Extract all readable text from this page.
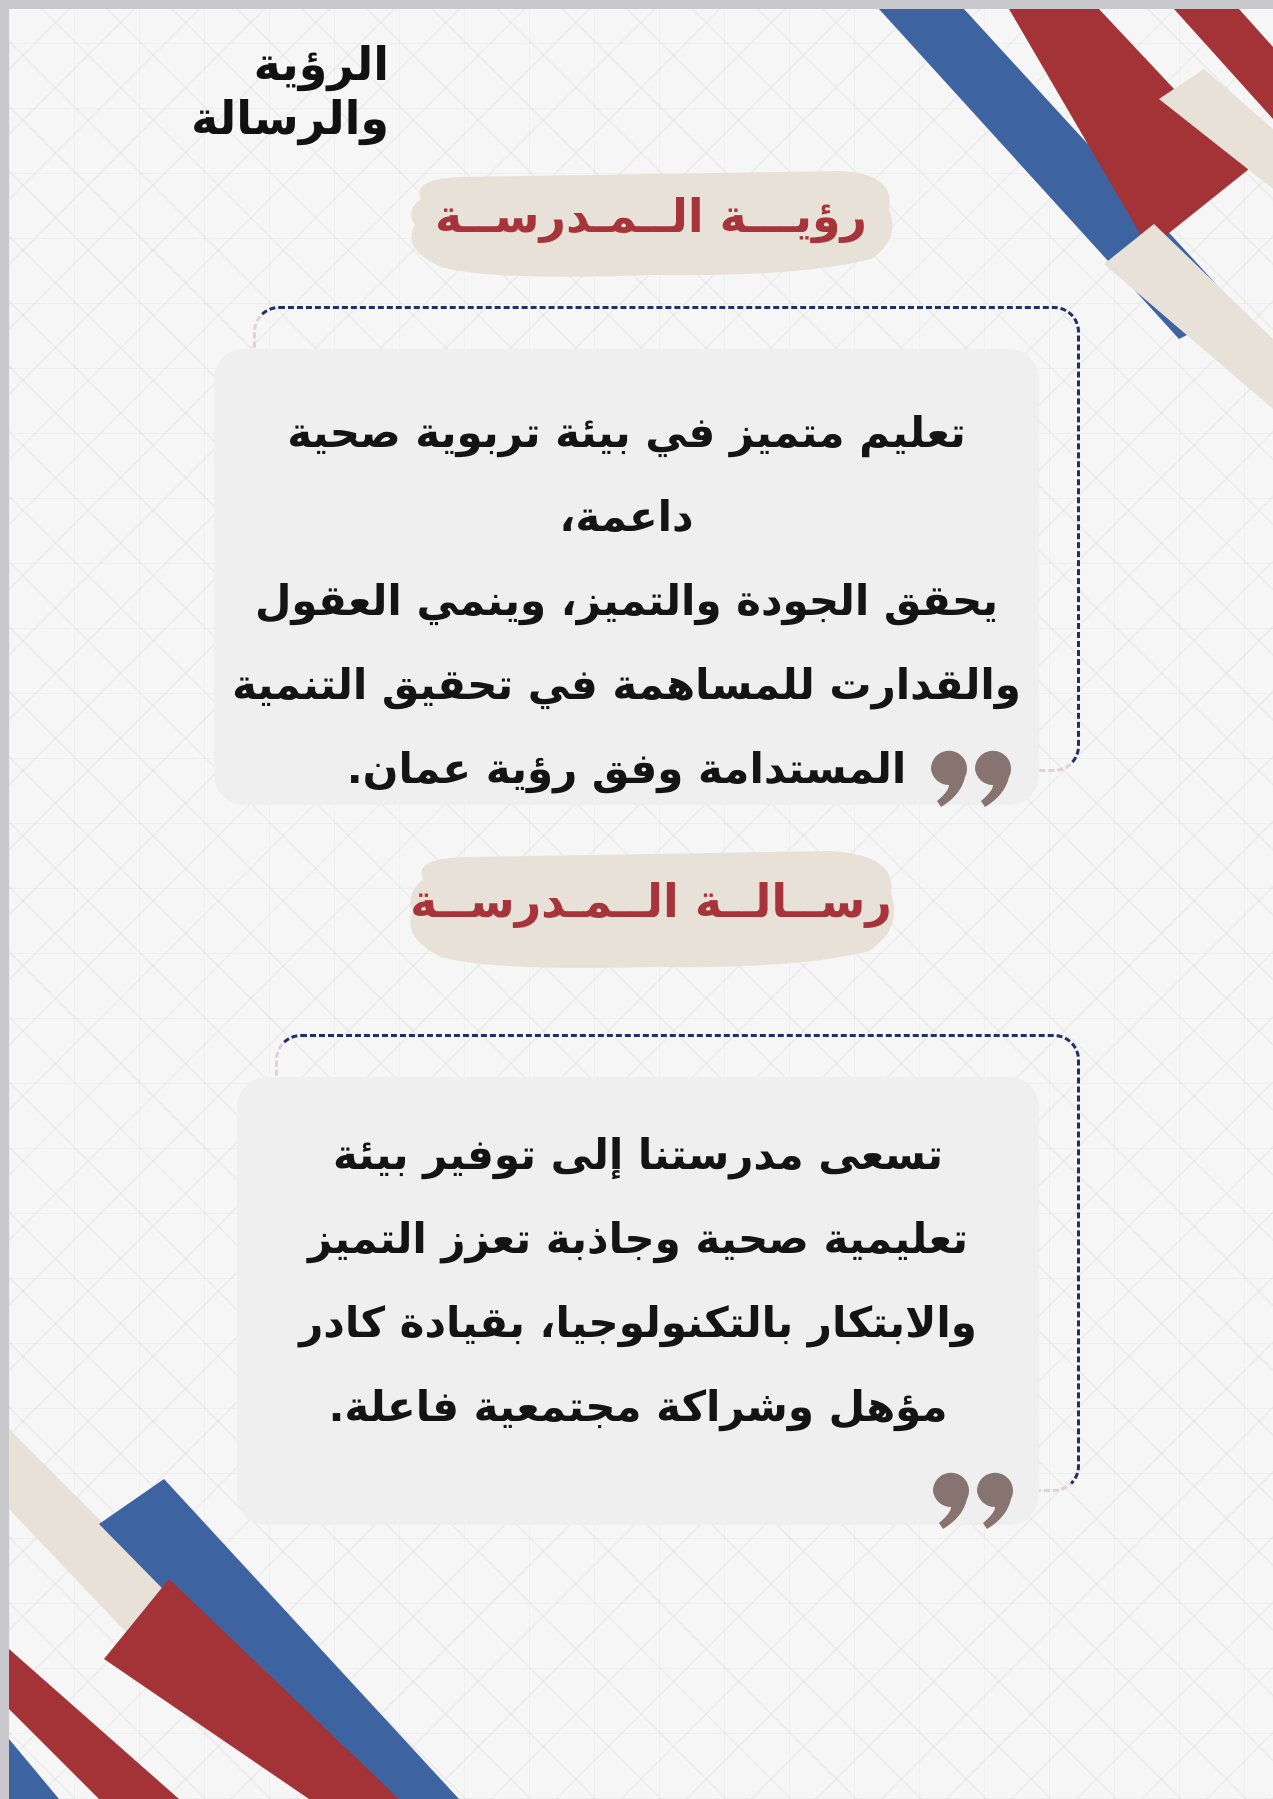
الرؤية والرسالة
رؤيـــة الــمـدرســة
تعليم متميز في بيئة تربوية صحية داعمة،
يحقق الجودة والتميز، وينمي العقول
والقدارت للمساهمة في تحقيق التنمية
المستدامة وفق رؤية عمان.
رســالــة الــمـدرســة
تسعى مدرستنا إلى توفير بيئة
تعليمية صحية وجاذبة تعزز التميز
والابتكار بالتكنولوجيا، بقيادة كادر
مؤهل وشراكة مجتمعية فاعلة.
